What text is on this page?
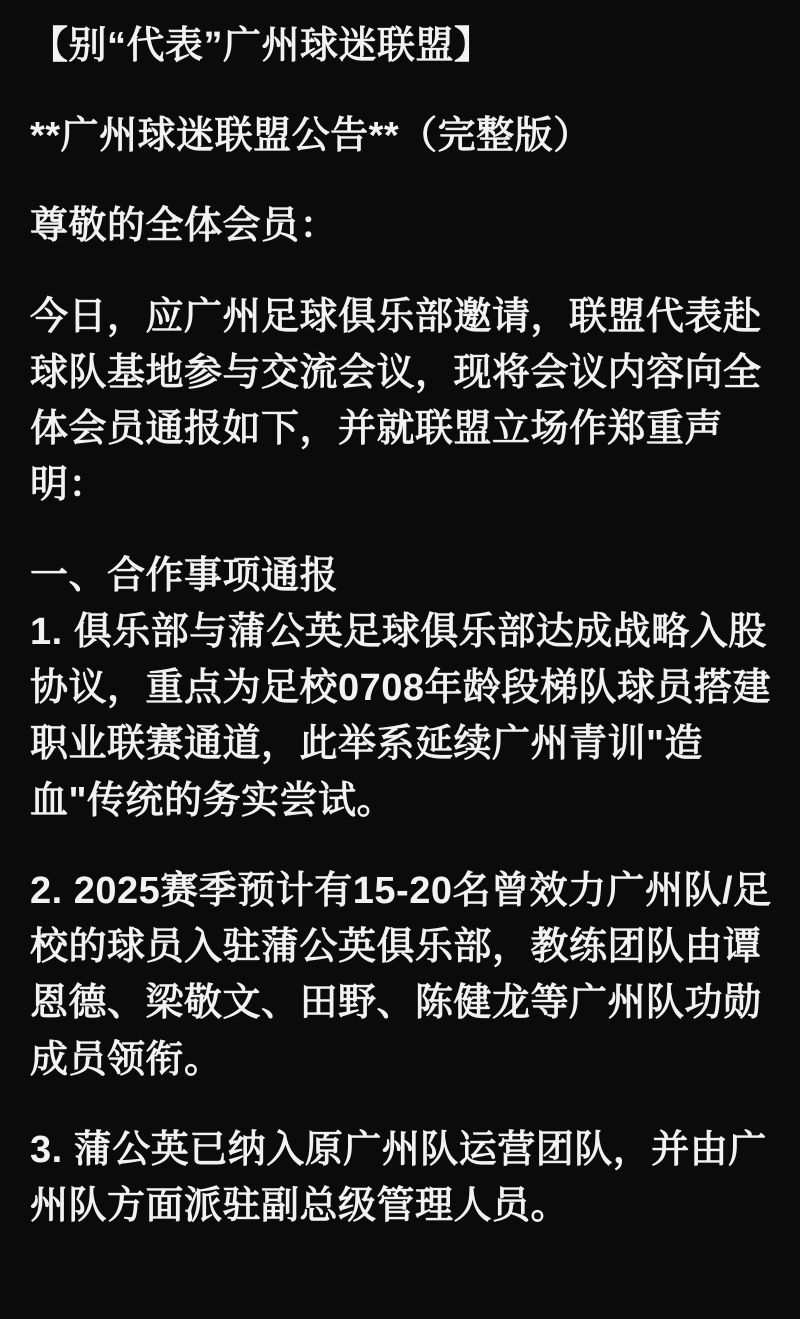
【别“代表”广州球迷联盟】

**广州球迷联盟公告**（完整版）

尊敬的全体会员：

今日，应广州足球俱乐部邀请，联盟代表赴球队基地参与交流会议，现将会议内容向全体会员通报如下，并就联盟立场作郑重声明：

一、合作事项通报

1. 俱乐部与蒲公英足球俱乐部达成战略入股协议，重点为足校0708年龄段梯队球员搭建职业联赛通道，此举系延续广州青训"造血"传统的务实尝试。

2. 2025赛季预计有15-20名曾效力广州队/足校的球员入驻蒲公英俱乐部，教练团队由谭恩德、梁敬文、田野、陈健龙等广州队功勋成员领衔。

3. 蒲公英已纳入原广州队运营团队，并由广州队方面派驻副总级管理人员。
